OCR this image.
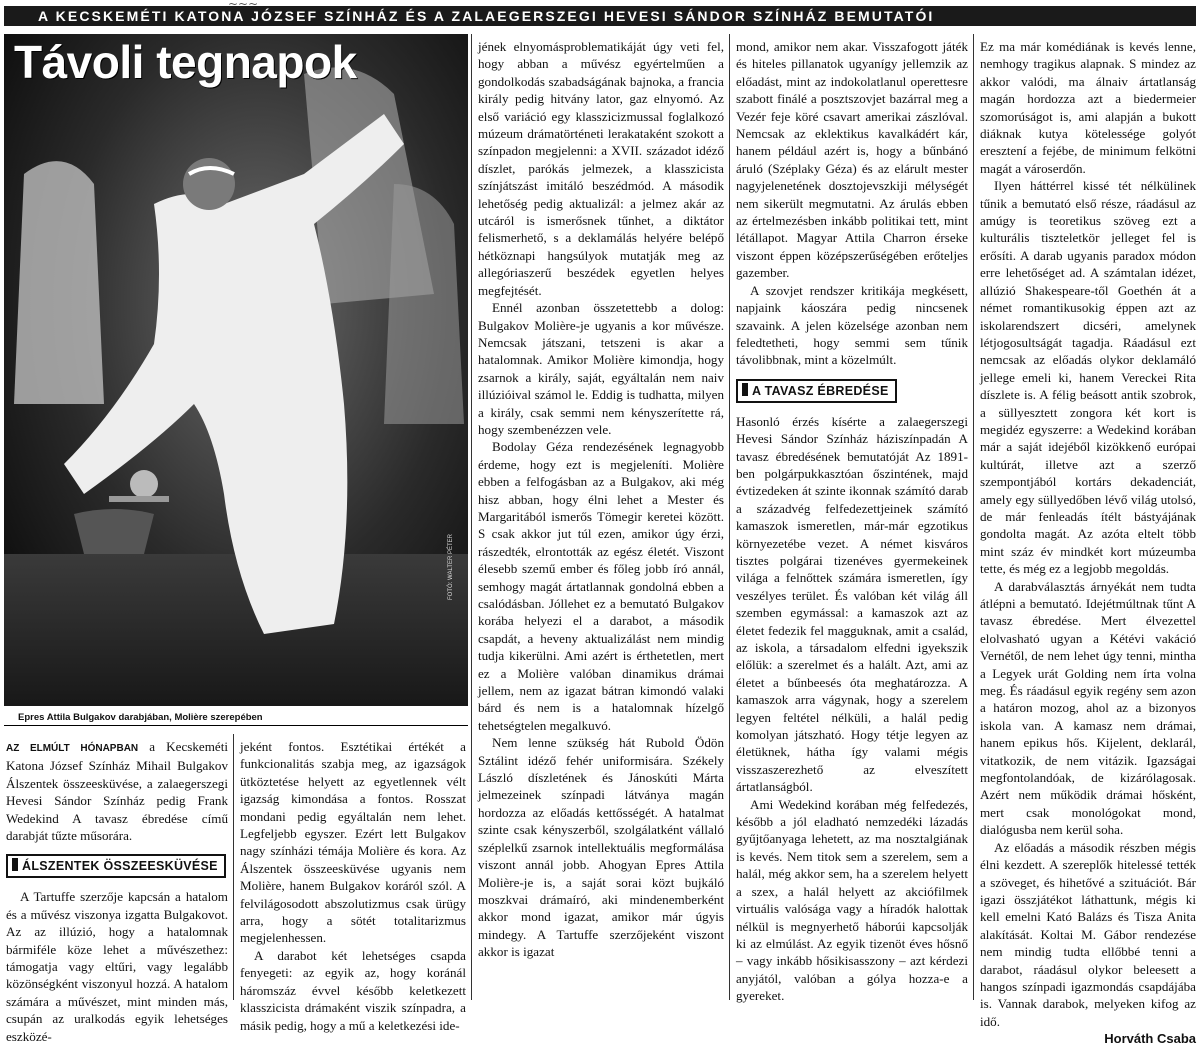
A KECSKEMÉTI KATONA JÓZSEF SZÍNHÁZ ÉS A ZALAEGERSZEGI HEVESI SÁNDOR SZÍNHÁZ BEMUTATÓI
Távoli tegnapok
FOTÓ: WALTER PÉTER
Epres Attila Bulgakov darabjában, Molière szerepében

AZ ELMÚLT HÓNAPBAN a Kecskeméti Katona József Színház Mihail Bulgakov Álszentek összeesküvése, a zalaegerszegi Hevesi Sándor Színház pedig Frank Wedekind A tavasz ébredése című darabját tűzte műsorára.

ÁLSZENTEK ÖSSZEESKÜVÉSE

A Tartuffe szerzője kapcsán a hatalom és a művész viszonya izgatta Bulgakovot. Az az illúzió, hogy a hatalomnak bármiféle köze lehet a művészethez: támogatja vagy eltűri, vagy legalább közönségként viszonyul hozzá. A hatalom számára a művészet, mint minden más, csupán az uralkodás egyik lehetséges eszközé-

jeként fontos. Esztétikai értékét a funkcionalitás szabja meg, az igazságok ütköztetése helyett az egyetlennek vélt igazság kimondása a fontos. Rosszat mondani pedig egyáltalán nem lehet. Legfeljebb egyszer. Ezért lett Bulgakov nagy színházi témája Molière és kora. Az Álszentek összeesküvése ugyanis nem Molière, hanem Bulgakov koráról szól. A felvilágosodott abszolutizmus csak ürügy arra, hogy a sötét totalitarizmus megjelenhessen.

A darabot két lehetséges csapda fenyegeti: az egyik az, hogy koránál háromszáz évvel később keletkezett klasszicista drámaként viszik színpadra, a másik pedig, hogy a mű a keletkezési ide-

jének elnyomásproblematikáját úgy veti fel, hogy abban a művész egyértelműen a gondolkodás szabadságának bajnoka, a francia király pedig hitvány lator, gaz elnyomó. Az első variáció egy klasszicizmussal foglalkozó múzeum drámatörténeti lerakataként szokott a színpadon megjelenni: a XVII. századot idéző díszlet, parókás jelmezek, a klasszicista színjátszást imitáló beszédmód. A második lehetőség pedig aktualizál: a jelmez akár az utcáról is ismerősnek tűnhet, a diktátor felismerhető, s a deklamálás helyére belépő hétköznapi hangsúlyok mutatják meg az allegóriaszerű beszédek egyetlen helyes megfejtését.

Ennél azonban összetettebb a dolog: Bulgakov Molière-je ugyanis a kor művésze. Nemcsak játszani, tetszeni is akar a hatalomnak. Amikor Molière kimondja, hogy zsarnok a király, saját, egyáltalán nem naiv illúzióival számol le. Eddig is tudhatta, milyen a király, csak semmi nem kényszerítette rá, hogy szembenézzen vele.

Bodolay Géza rendezésének legnagyobb érdeme, hogy ezt is megjeleníti. Molière ebben a felfogásban az a Bulgakov, aki még hisz abban, hogy élni lehet a Mester és Margaritából ismerős Tömegir keretei között. S csak akkor jut túl ezen, amikor úgy érzi, rászedték, elrontották az egész életét. Viszont élesebb szemű ember és főleg jobb író annál, semhogy magát ártatlannak gondolná ebben a csalódásban. Jóllehet ez a bemutató Bulgakov korába helyezi el a darabot, a második csapdát, a heveny aktualizálást nem mindig tudja kikerülni. Ami azért is érthetetlen, mert ez a Molière valóban dinamikus drámai jellem, nem az igazat bátran kimondó valaki bárd és nem is a hatalomnak hízelgő tehetségtelen megalkuvó.

Nem lenne szükség hát Rubold Ödön Sztálint idéző fehér uniformisára. Székely László díszletének és Jánoskúti Márta jelmezeinek színpadi látványa magán hordozza az előadás kettősségét. A hatalmat szinte csak kényszerből, szolgálatként vállaló széplelkű zsarnok intellektuális megformálása viszont annál jobb. Ahogyan Epres Attila Molière-je is, a saját sorai közt bujkáló moszkvai drámaíró, aki mindenemberként akkor mond igazat, amikor már úgyis mindegy. A Tartuffe szerzőjeként viszont akkor is igazat

mond, amikor nem akar. Visszafogott játék és hiteles pillanatok ugyanígy jellemzik az előadást, mint az indokolatlanul operettesre szabott finálé a posztszovjet bazárral meg a Vezér feje köré csavart amerikai zászlóval. Nemcsak az eklektikus kavalkádért kár, hanem például azért is, hogy a bűnbánó áruló (Széplaky Géza) és az elárult mester nagyjelenetének dosztojevszkiji mélységét nem sikerült megmutatni. Az árulás ebben az értelmezésben inkább politikai tett, mint létállapot. Magyar Attila Charron érseke viszont éppen középszerűségében erőteljes gazember.

A szovjet rendszer kritikája megkésett, napjaink káoszára pedig nincsenek szavaink. A jelen közelsége azonban nem feledtetheti, hogy semmi sem tűnik távolibbnak, mint a közelmúlt.

A TAVASZ ÉBREDÉSE

Hasonló érzés kísérte a zalaegerszegi Hevesi Sándor Színház háziszínpadán A tavasz ébredésének bemutatóját Az 1891-ben polgárpukkasztóan őszintének, majd évtizedeken át szinte ikonnak számító darab a századvég felfedezettjeinek számító kamaszok ismeretlen, már-már egzotikus környezetébe vezet. A német kisváros tisztes polgárai tizenéves gyermekeinek világa a felnőttek számára ismeretlen, így veszélyes terület. És valóban két világ áll szemben egymással: a kamaszok azt az életet fedezik fel magguknak, amit a család, az iskola, a társadalom elfedni igyekszik előlük: a szerelmet és a halált. Azt, ami az életet a bűnbeesés óta meghatározza. A kamaszok arra vágynak, hogy a szerelem legyen feltétel nélküli, a halál pedig komolyan játszható. Hogy tétje legyen az életüknek, hátha így valami mégis visszaszerezhető az elveszített ártatlanságból.

Ami Wedekind korában még felfedezés, később a jól eladható nemzedéki lázadás gyűjtőanyaga lehetett, az ma nosztalgiának is kevés. Nem titok sem a szerelem, sem a halál, még akkor sem, ha a szerelem helyett a szex, a halál helyett az akciófilmek virtuális valósága vagy a híradók halottak nélkül is megnyerhető háborúi kapcsolják ki az elmúlást. Az egyik tizenöt éves hősnő – vagy inkább hősikisasszony – azt kérdezi anyjától, valóban a gólya hozza-e a gyereket.

Ez ma már komédiának is kevés lenne, nemhogy tragikus alapnak. S mindez az akkor valódi, ma álnaiv ártatlanság magán hordozza azt a biedermeier szomorúságot is, ami alapján a bukott diáknak kutya kötelessége golyót eresztení a fejébe, de minimum felkötni magát a városerdőn.

Ilyen háttérrel kissé tét nélkülinek tűnik a bemutató első része, ráadásul az amúgy is teoretikus szöveg ezt a kulturális tiszteletkör jelleget fel is erősíti. A darab ugyanis paradox módon erre lehetőséget ad. A számtalan idézet, allúzió Shakespeare-től Goethén át a német romantikusokig éppen azt az iskolarendszert dicséri, amelynek létjogosultságát tagadja. Ráadásul ezt nemcsak az előadás olykor deklamáló jellege emeli ki, hanem Vereckei Rita díszlete is. A félig beásott antik szobrok, a süllyesztett zongora két kort is megidéz egyszerre: a Wedekind korában már a saját idejéből kizökkenő európai kultúrát, illetve azt a szerző szempontjából kortárs dekadenciát, amely egy süllyedőben lévő világ utolsó, de már fenleadás ítélt bástyájának gondolta magát. Az azóta eltelt több mint száz év mindkét kort múzeumba tette, és még ez a legjobb megoldás.

A darabválasztás árnyékát nem tudta átlépni a bemutató. Idejétmúltnak tűnt A tavasz ébredése. Mert élvezettel elolvasható ugyan a Kétévi vakáció Vernétől, de nem lehet úgy tenni, mintha a Legyek urát Golding nem írta volna meg. És ráadásul egyik regény sem azon a határon mozog, ahol az a bizonyos iskola van. A kamasz nem drámai, hanem epikus hős. Kijelent, deklarál, vitatkozik, de nem vitázik. Igazságai megfontolandóak, de kizárólagosak. Azért nem működik drámai hősként, mert csak monológokat mond, dialógusba nem kerül soha.

Az előadás a második részben mégis élni kezdett. A szereplők hitelessé tették a szöveget, és hihetővé a szituációt. Bár igazi összjátékot láthattunk, mégis ki kell emelni Kató Balázs és Tisza Anita alakítását. Koltai M. Gábor rendezése nem mindig tudta ellőbbé tenni a darabot, ráadásul olykor beleesett a hangos színpadi igazmondás csapdájába is. Vannak darabok, melyeken kifog az idő.

Horváth Csaba
